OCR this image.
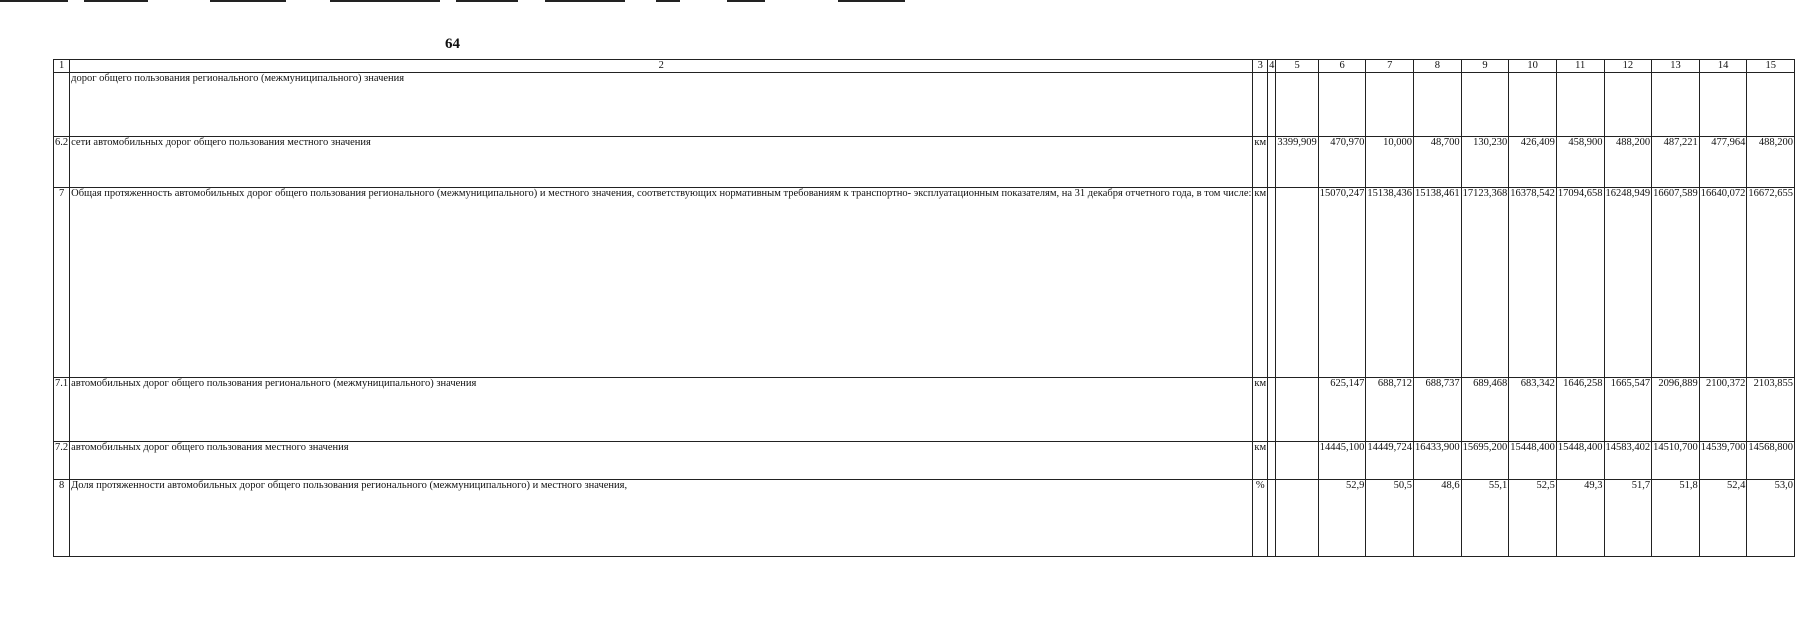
64
1	2	3	4	5	6	7	8	9	10	11	12	13	14	15
	дорог общего пользования регионального (межмуниципального) значения													
6.2	сети автомобильных дорог общего пользования местного значения	км		3399,909	470,970	10,000	48,700	130,230	426,409	458,900	488,200	487,221	477,964	488,200
7	Общая протяженность автомобильных дорог общего пользования регионального (межмуниципального) и местного значения, соответствующих нормативным требованиям к транспортно- эксплуатационным показателям, на 31 декабря отчетного года, в том числе:	км			15070,247	15138,436	15138,461	17123,368	16378,542	17094,658	16248,949	16607,589	16640,072	16672,655
7.1	автомобильных дорог общего пользования регионального (межмуниципального) значения	км			625,147	688,712	688,737	689,468	683,342	1646,258	1665,547	2096,889	2100,372	2103,855
7.2	автомобильных дорог общего пользования местного значения	км			14445,100	14449,724	16433,900	15695,200	15448,400	15448,400	14583,402	14510,700	14539,700	14568,800
8	Доля протяженности автомобильных дорог общего пользования регионального (межмуниципального) и местного значения,	%			52,9	50,5	48,6	55,1	52,5	49,3	51,7	51,8	52,4	53,0
